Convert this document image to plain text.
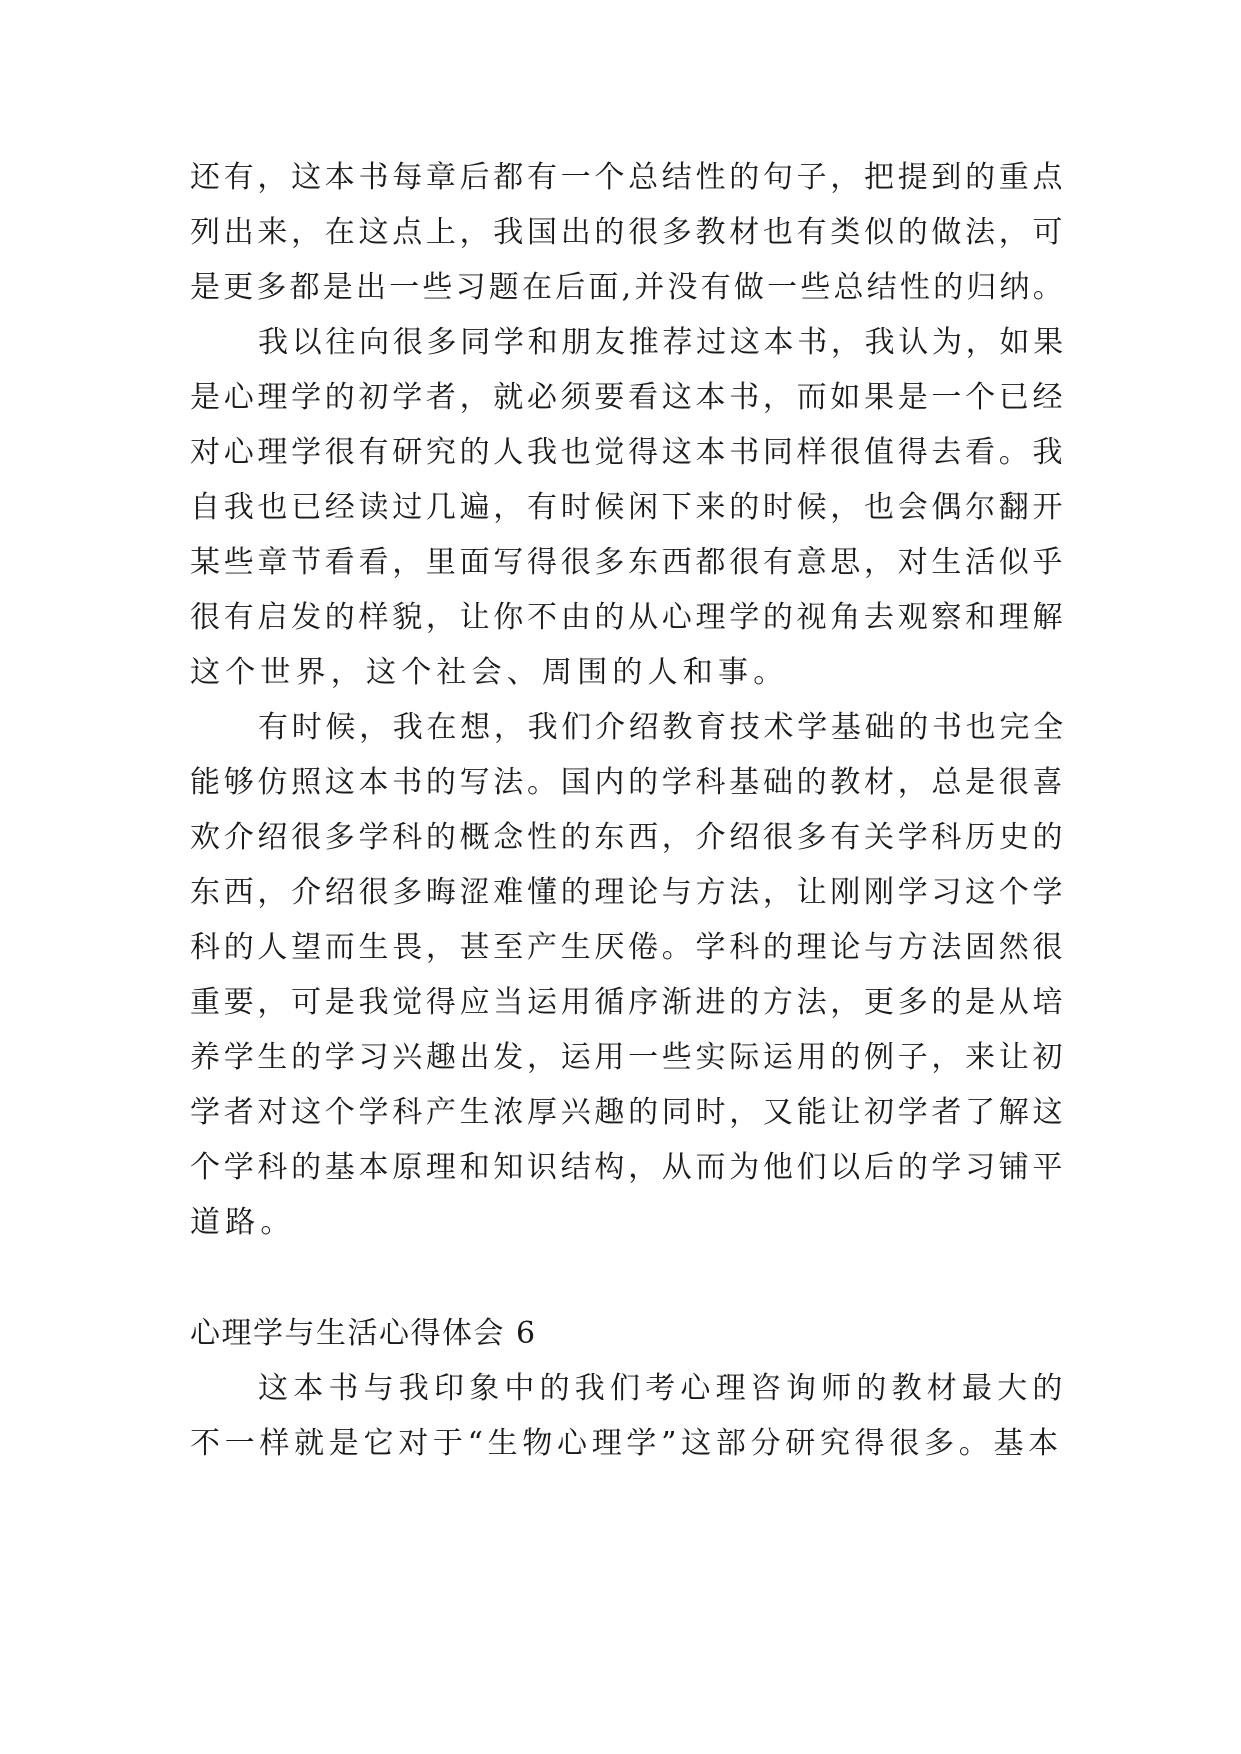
还有，这本书每章后都有一个总结性的句子，把提到的重点
列出来，在这点上，我国出的很多教材也有类似的做法，可
是更多都是出一些习题在后面,并没有做一些总结性的归纳。
我以往向很多同学和朋友推荐过这本书，我认为，如果
是心理学的初学者，就必须要看这本书，而如果是一个已经
对心理学很有研究的人我也觉得这本书同样很值得去看。我
自我也已经读过几遍，有时候闲下来的时候，也会偶尔翻开
某些章节看看，里面写得很多东西都很有意思，对生活似乎
很有启发的样貌，让你不由的从心理学的视角去观察和理解
这个世界，这个社会、周围的人和事。
有时候，我在想，我们介绍教育技术学基础的书也完全
能够仿照这本书的写法。国内的学科基础的教材，总是很喜
欢介绍很多学科的概念性的东西，介绍很多有关学科历史的
东西，介绍很多晦涩难懂的理论与方法，让刚刚学习这个学
科的人望而生畏，甚至产生厌倦。学科的理论与方法固然很
重要，可是我觉得应当运用循序渐进的方法，更多的是从培
养学生的学习兴趣出发，运用一些实际运用的例子，来让初
学者对这个学科产生浓厚兴趣的同时，又能让初学者了解这
个学科的基本原理和知识结构，从而为他们以后的学习铺平
道路。
心理学与生活心得体会 6
这本书与我印象中的我们考心理咨询师的教材最大的
不一样就是它对于“生物心理学”这部分研究得很多。基本
